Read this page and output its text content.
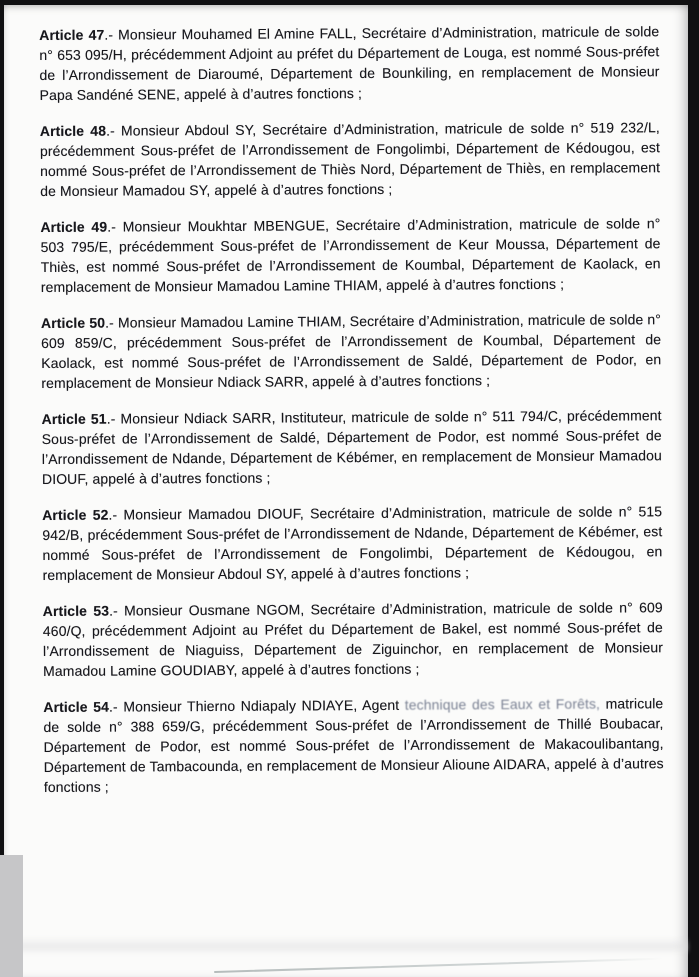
Article 47.- Monsieur Mouhamed El Amine FALL, Secrétaire d’Administration, matricule de solde n° 653 095/H, précédemment Adjoint au préfet du Département de Louga, est nommé Sous-préfet de l’Arrondissement de Diaroumé, Département de Bounkiling, en remplacement de Monsieur Papa Sandéné SENE, appelé à d’autres fonctions ;

Article 48.- Monsieur Abdoul SY, Secrétaire d’Administration, matricule de solde n° 519 232/L, précédemment Sous-préfet de l’Arrondissement de Fongolimbi, Département de Kédougou, est nommé Sous-préfet de l’Arrondissement de Thiès Nord, Département de Thiès, en remplacement de Monsieur Mamadou SY, appelé à d’autres fonctions ;

Article 49.- Monsieur Moukhtar MBENGUE, Secrétaire d’Administration, matricule de solde n° 503 795/E, précédemment Sous-préfet de l’Arrondissement de Keur Moussa, Département de Thiès, est nommé Sous-préfet de l’Arrondissement de Koumbal, Département de Kaolack, en remplacement de Monsieur Mamadou Lamine THIAM, appelé à d’autres fonctions ;

Article 50.- Monsieur Mamadou Lamine THIAM, Secrétaire d’Administration, matricule de solde n° 609 859/C, précédemment Sous-préfet de l’Arrondissement de Koumbal, Département de Kaolack, est nommé Sous-préfet de l’Arrondissement de Saldé, Département de Podor, en remplacement de Monsieur Ndiack SARR, appelé à d’autres fonctions ;

Article 51.- Monsieur Ndiack SARR, Instituteur, matricule de solde n° 511 794/C, précédemment Sous-préfet de l’Arrondissement de Saldé, Département de Podor, est nommé Sous-préfet de l’Arrondissement de Ndande, Département de Kébémer, en remplacement de Monsieur Mamadou DIOUF, appelé à d’autres fonctions ;

Article 52.- Monsieur Mamadou DIOUF, Secrétaire d’Administration, matricule de solde n° 515 942/B, précédemment Sous-préfet de l’Arrondissement de Ndande, Département de Kébémer, est nommé Sous-préfet de l’Arrondissement de Fongolimbi, Département de Kédougou, en remplacement de Monsieur Abdoul SY, appelé à d’autres fonctions ;

Article 53.- Monsieur Ousmane NGOM, Secrétaire d’Administration, matricule de solde n° 609 460/Q, précédemment Adjoint au Préfet du Département de Bakel, est nommé Sous-préfet de l’Arrondissement de Niaguiss, Département de Ziguinchor, en remplacement de Monsieur Mamadou Lamine GOUDIABY, appelé à d’autres fonctions ;

Article 54.- Monsieur Thierno Ndiapaly NDIAYE, Agent technique des Eaux et Forêts, matricule de solde n° 388 659/G, précédemment Sous-préfet de l’Arrondissement de Thillé Boubacar, Département de Podor, est nommé Sous-préfet de l’Arrondissement de Makacoulibantang, Département de Tambacounda, en remplacement de Monsieur Alioune AIDARA, appelé à d’autres fonctions ;
